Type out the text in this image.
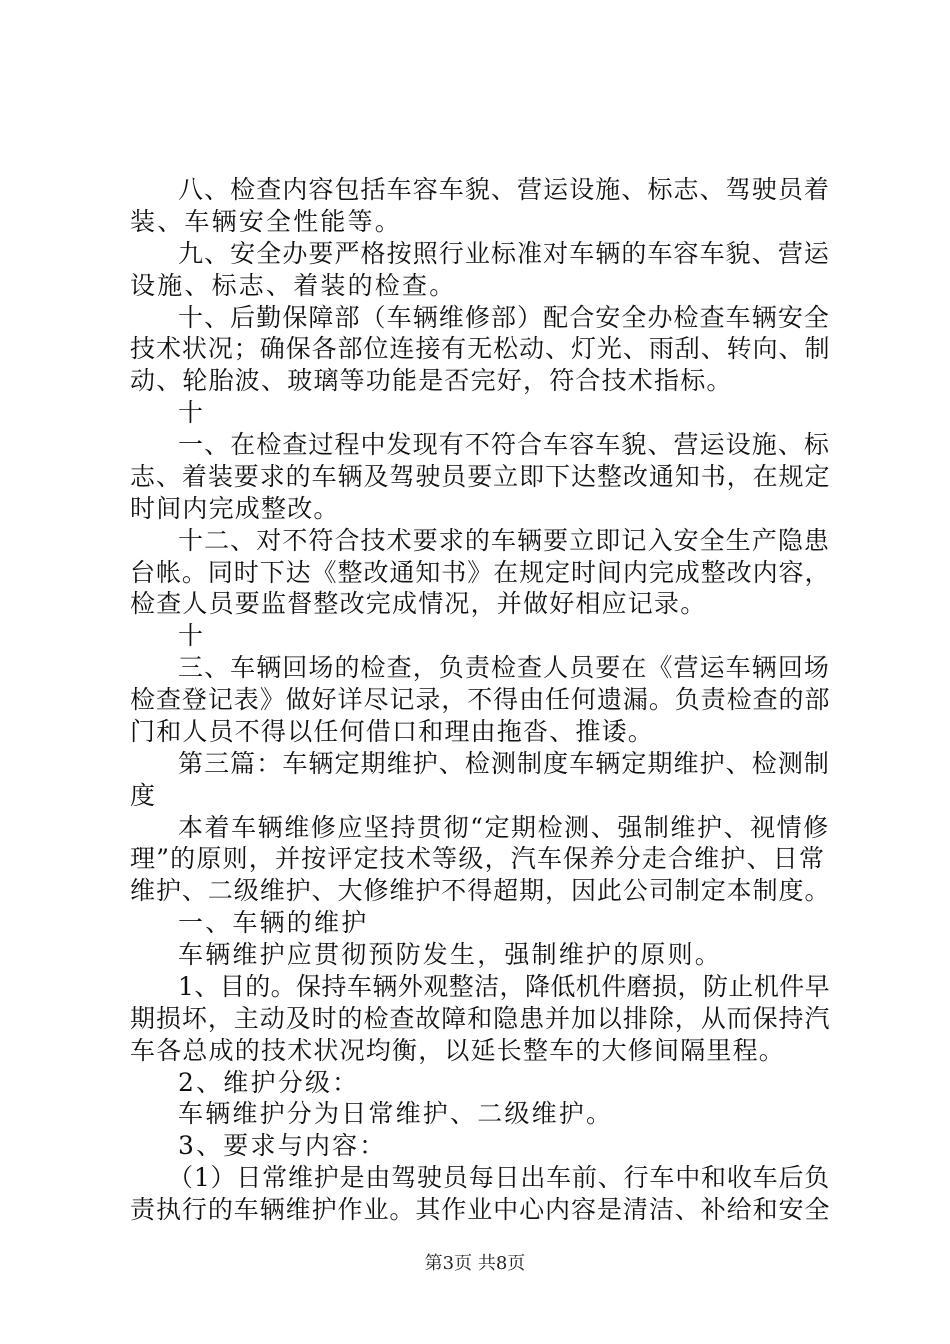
八、检查内容包括车容车貌、营运设施、标志、驾驶员着
装、车辆安全性能等。
九、安全办要严格按照行业标准对车辆的车容车貌、营运
设施、标志、着装的检查。
十、后勤保障部（车辆维修部）配合安全办检查车辆安全
技术状况；确保各部位连接有无松动、灯光、雨刮、转向、制
动、轮胎波、玻璃等功能是否完好，符合技术指标。
十
一、在检查过程中发现有不符合车容车貌、营运设施、标
志、着装要求的车辆及驾驶员要立即下达整改通知书，在规定
时间内完成整改。
十二、对不符合技术要求的车辆要立即记入安全生产隐患
台帐。同时下达《整改通知书》在规定时间内完成整改内容，
检查人员要监督整改完成情况，并做好相应记录。
十
三、车辆回场的检查，负责检查人员要在《营运车辆回场
检查登记表》做好详尽记录，不得由任何遗漏。负责检查的部
门和人员不得以任何借口和理由拖沓、推诿。
第三篇：车辆定期维护、检测制度车辆定期维护、检测制
度
本着车辆维修应坚持贯彻“定期检测、强制维护、视情修
理”的原则，并按评定技术等级，汽车保养分走合维护、日常
维护、二级维护、大修维护不得超期，因此公司制定本制度。
一、车辆的维护
车辆维护应贯彻预防发生，强制维护的原则。
1、目的。保持车辆外观整洁，降低机件磨损，防止机件早
期损坏，主动及时的检查故障和隐患并加以排除，从而保持汽
车各总成的技术状况均衡，以延长整车的大修间隔里程。
2、维护分级：
车辆维护分为日常维护、二级维护。
3、要求与内容：
（1）日常维护是由驾驶员每日出车前、行车中和收车后负
责执行的车辆维护作业。其作业中心内容是清洁、补给和安全
第3页 共8页
